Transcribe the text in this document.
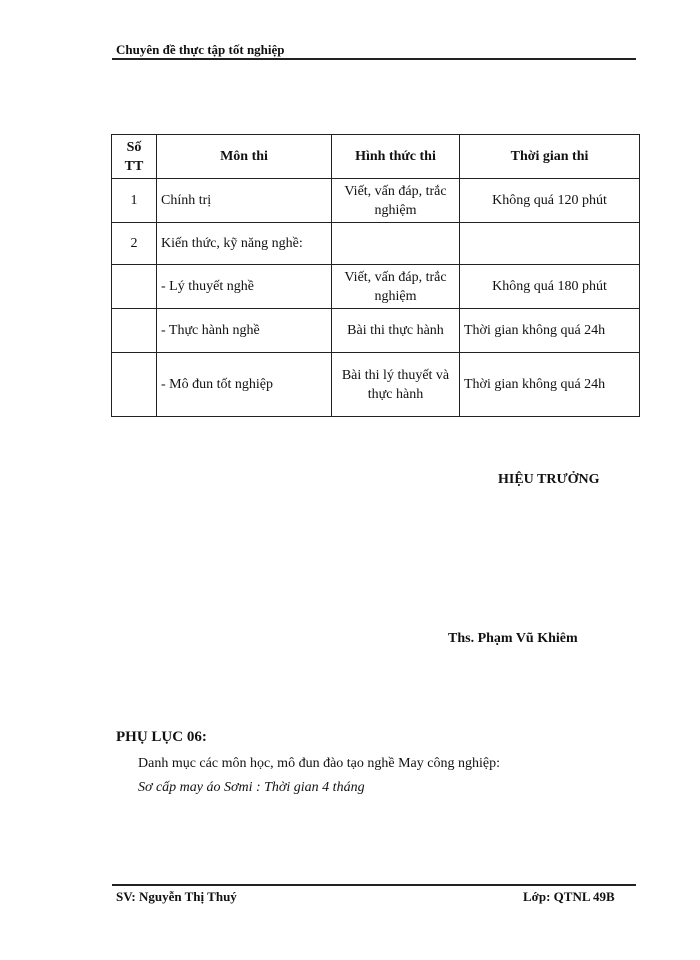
Chuyên đề thực tập tốt nghiệp
Số TT	Môn thi	Hình thức thi	Thời gian thi
1	Chính trị	Viết, vấn đáp, trắc nghiệm	Không quá 120 phút
2	Kiến thức, kỹ năng nghề:		
	- Lý thuyết nghề	Viết, vấn đáp, trắc nghiệm	Không quá 180 phút
	- Thực hành nghề	Bài thi thực hành	Thời gian không quá 24h
	- Mô đun tốt nghiệp	Bài thi lý thuyết và thực hành	Thời gian không quá 24h
HIỆU TRƯỞNG
Ths. Phạm Vũ Khiêm
PHỤ LỤC 06:
Danh mục các môn học, mô đun đào tạo nghề May công nghiệp:
Sơ cấp may áo Sơmi : Thời gian 4 tháng
SV: Nguyễn Thị Thuý	Lớp: QTNL 49B
